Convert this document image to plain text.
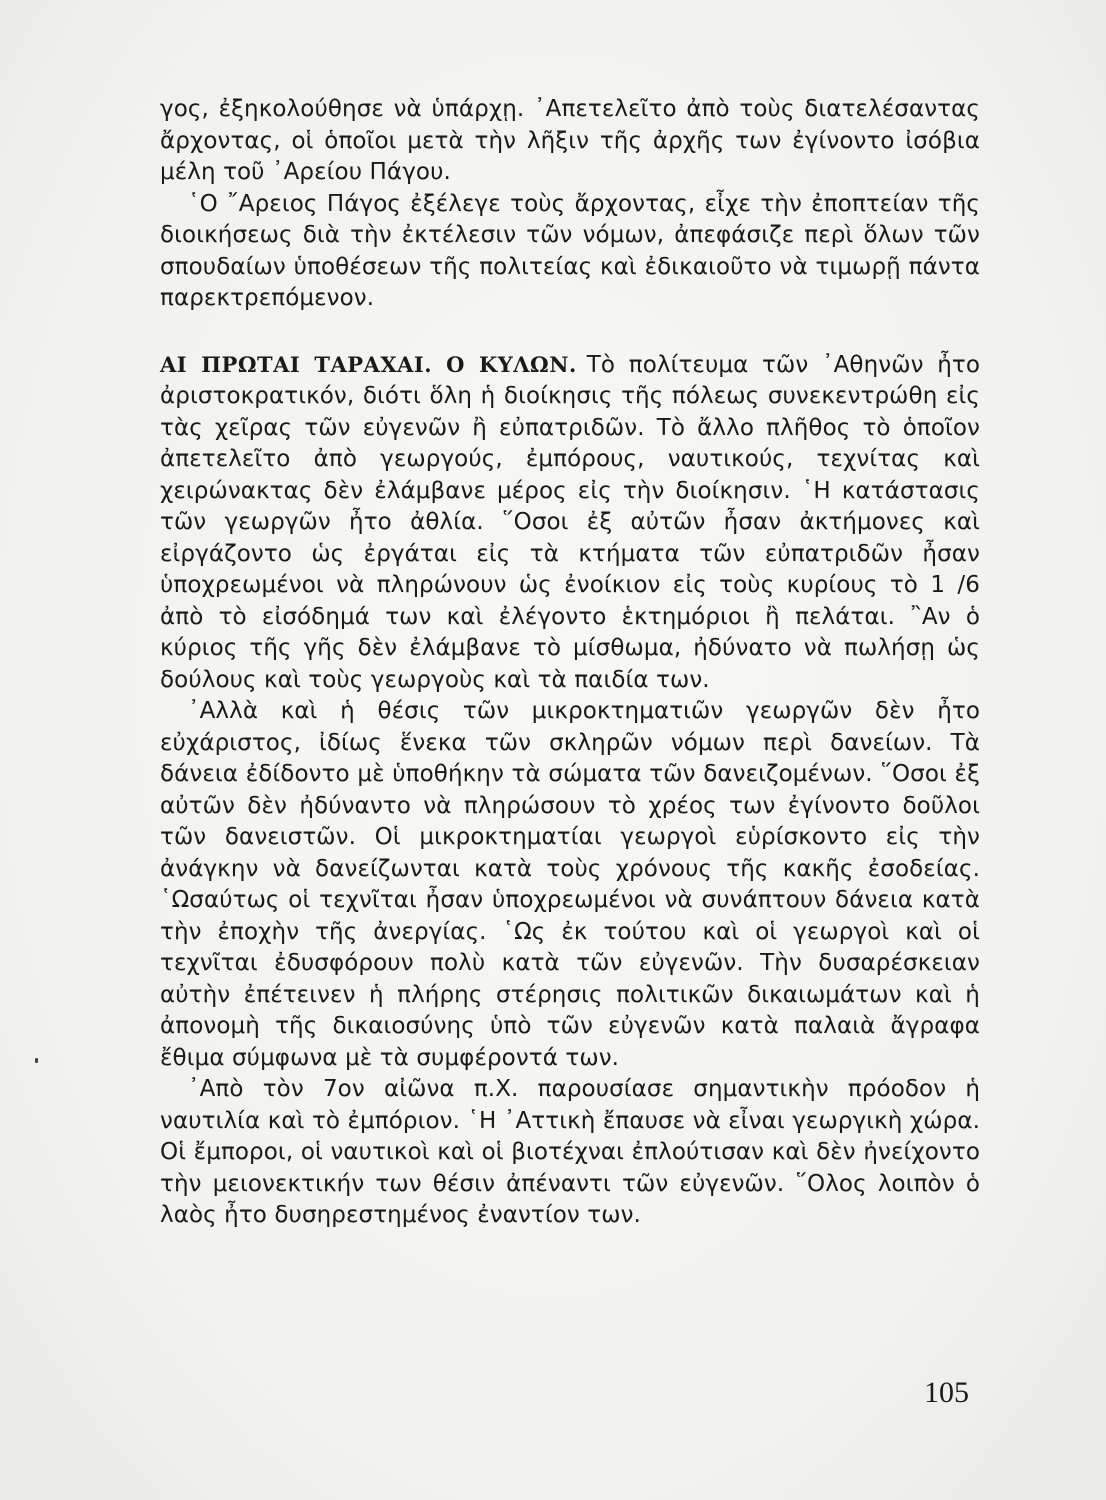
γος, ἐξηκολούθησε νὰ ὑπάρχῃ. ᾿Απετελεῖτο ἀπὸ τοὺς διατελέσαντας ἄρχοντας, οἱ ὁποῖοι μετὰ τὴν λῆξιν τῆς ἀρχῆς των ἐγίνοντο ἰσόβια μέλη τοῦ ᾿Αρείου Πάγου.

῾Ο ῎Αρειος Πάγος ἐξέλεγε τοὺς ἄρχοντας, εἶχε τὴν ἐποπτείαν τῆς διοικήσεως διὰ τὴν ἐκτέλεσιν τῶν νόμων, ἀπεφάσιζε περὶ ὅλων τῶν σπουδαίων ὑποθέσεων τῆς πολιτείας καὶ ἐδικαιοῦτο νὰ τιμωρῇ πάντα παρεκτρεπόμενον.

ΑΙ ΠΡΩΤΑΙ ΤΑΡΑΧΑΙ. Ο ΚΥΛΩΝ. Τὸ πολίτευμα τῶν ᾿Αθηνῶν ἦτο ἀριστοκρατικόν, διότι ὅλη ἡ διοίκησις τῆς πόλεως συνεκεντρώθη εἰς τὰς χεῖρας τῶν εὐγενῶν ἢ εὐπατριδῶν. Τὸ ἄλλο πλῆθος τὸ ὁποῖον ἀπετελεῖτο ἀπὸ γεωργούς, ἐμπόρους, ναυτικούς, τεχνίτας καὶ χειρώνακτας δὲν ἐλάμβανε μέρος εἰς τὴν διοίκησιν. ῾Η κατάστασις τῶν γεωργῶν ἦτο ἀθλία. ῞Οσοι ἐξ αὐτῶν ἦσαν ἀκτήμονες καὶ εἰργάζοντο ὡς ἐργάται εἰς τὰ κτήματα τῶν εὐπατριδῶν ἦσαν ὑποχρεωμένοι νὰ πληρώνουν ὡς ἐνοίκιον εἰς τοὺς κυρίους τὸ 1 /6 ἀπὸ τὸ εἰσόδημά των καὶ ἐλέγοντο ἑκτημόριοι ἢ πελάται. ῍Αν ὁ κύριος τῆς γῆς δὲν ἐλάμβανε τὸ μίσθωμα, ἠδύνατο νὰ πωλήσῃ ὡς δούλους καὶ τοὺς γεωργοὺς καὶ τὰ παιδία των.

᾿Αλλὰ καὶ ἡ θέσις τῶν μικροκτηματιῶν γεωργῶν δὲν ἦτο εὐχάριστος, ἰδίως ἕνεκα τῶν σκληρῶν νόμων περὶ δανείων. Τὰ δάνεια ἐδίδοντο μὲ ὑποθήκην τὰ σώματα τῶν δανειζομένων. ῞Οσοι ἐξ αὐτῶν δὲν ἠδύναντο νὰ πληρώσουν τὸ χρέος των ἐγίνοντο δοῦλοι τῶν δανειστῶν. Οἱ μικροκτηματίαι γεωργοὶ εὑρίσκοντο εἰς τὴν ἀνάγκην νὰ δανείζωνται κατὰ τοὺς χρόνους τῆς κακῆς ἐσοδείας. ῾Ωσαύτως οἱ τεχνῖται ἦσαν ὑποχρεωμένοι νὰ συνάπτουν δάνεια κατὰ τὴν ἐποχὴν τῆς ἀνεργίας. ῾Ως ἐκ τούτου καὶ οἱ γεωργοὶ καὶ οἱ τεχνῖται ἐδυσφόρουν πολὺ κατὰ τῶν εὐγενῶν. Τὴν δυσαρέσκειαν αὐτὴν ἐπέτεινεν ἡ πλήρης στέρησις πολιτικῶν δικαιωμάτων καὶ ἡ ἀπονομὴ τῆς δικαιοσύνης ὑπὸ τῶν εὐγενῶν κατὰ παλαιὰ ἄγραφα ἔθιμα σύμφωνα μὲ τὰ συμφέροντά των.

᾿Απὸ τὸν 7ον αἰῶνα π.Χ. παρουσίασε σημαντικὴν πρόοδον ἡ ναυτιλία καὶ τὸ ἐμπόριον. ῾Η ᾿Αττικὴ ἔπαυσε νὰ εἶναι γεωργικὴ χώρα. Οἱ ἔμποροι, οἱ ναυτικοὶ καὶ οἱ βιοτέχναι ἐπλούτισαν καὶ δὲν ἠνείχοντο τὴν μειονεκτικήν των θέσιν ἀπέναντι τῶν εὐγενῶν. ῞Ολος λοιπὸν ὁ λαὸς ἦτο δυσηρεστημένος ἐναντίον των.

105
